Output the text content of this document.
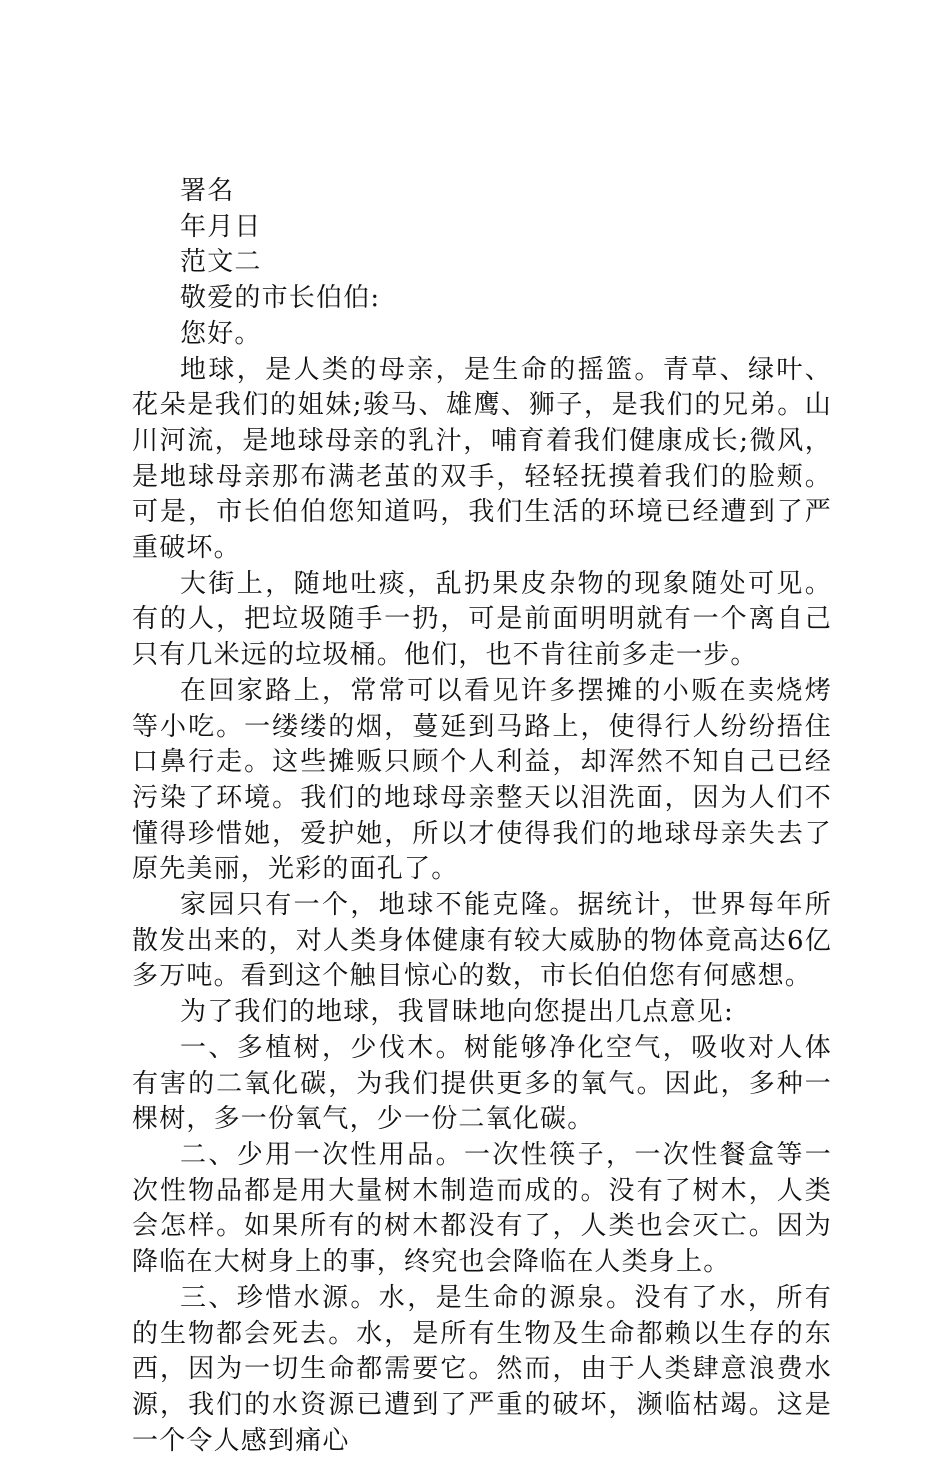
署名
年月日
范文二
敬爱的市长伯伯:
您好。
地球，是人类的母亲，是生命的摇篮。青草、绿叶、花朵是我们的姐妹;骏马、雄鹰、狮子，是我们的兄弟。山川河流，是地球母亲的乳汁，哺育着我们健康成长;微风，是地球母亲那布满老茧的双手，轻轻抚摸着我们的脸颊。可是，市长伯伯您知道吗，我们生活的环境已经遭到了严重破坏。
大街上，随地吐痰，乱扔果皮杂物的现象随处可见。有的人，把垃圾随手一扔，可是前面明明就有一个离自己只有几米远的垃圾桶。他们，也不肯往前多走一步。
在回家路上，常常可以看见许多摆摊的小贩在卖烧烤等小吃。一缕缕的烟，蔓延到马路上，使得行人纷纷捂住口鼻行走。这些摊贩只顾个人利益，却浑然不知自己已经污染了环境。我们的地球母亲整天以泪洗面，因为人们不懂得珍惜她，爱护她，所以才使得我们的地球母亲失去了原先美丽，光彩的面孔了。
家园只有一个，地球不能克隆。据统计，世界每年所散发出来的，对人类身体健康有较大威胁的物体竟高达6亿多万吨。看到这个触目惊心的数，市长伯伯您有何感想。
为了我们的地球，我冒昧地向您提出几点意见:
一、多植树，少伐木。树能够净化空气，吸收对人体有害的二氧化碳，为我们提供更多的氧气。因此，多种一棵树，多一份氧气，少一份二氧化碳。
二、少用一次性用品。一次性筷子，一次性餐盒等一次性物品都是用大量树木制造而成的。没有了树木，人类会怎样。如果所有的树木都没有了，人类也会灭亡。因为降临在大树身上的事，终究也会降临在人类身上。
三、珍惜水源。水，是生命的源泉。没有了水，所有的生物都会死去。水，是所有生物及生命都赖以生存的东西，因为一切生命都需要它。然而，由于人类肆意浪费水源，我们的水资源已遭到了严重的破坏，濒临枯竭。这是一个令人感到痛心
